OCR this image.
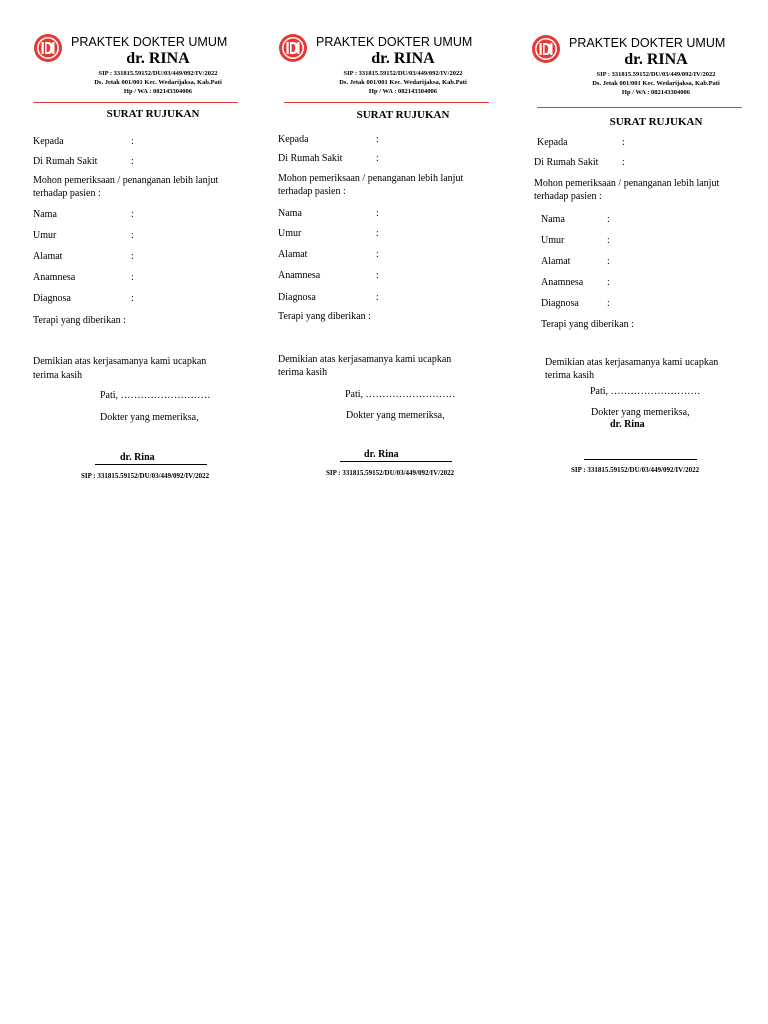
PRAKTEK DOKTER UMUM
dr. RINA
SIP : 331815.59152/DU/03/449/092/IV/2022
Ds. Jetak 001/001 Kec. Wedarijaksa, Kab.Pati
Hp / WA : 082143304006
SURAT RUJUKAN
Kepada	:
Di Rumah Sakit	:
Mohon pemeriksaan / penanganan lebih lanjut
terhadap pasien :
Nama	:
Umur	:
Alamat	:
Anamnesa	:
Diagnosa	:
Terapi yang diberikan :
Demikian atas kerjasamanya kami ucapkan
terima kasih
Pati, ………………………
Dokter yang memeriksa,
dr. Rina
SIP : 331815.59152/DU/03/449/092/IV/2022
PRAKTEK DOKTER UMUM
dr. RINA
SIP : 331815.59152/DU/03/449/092/IV/2022
Ds. Jetak 001/001 Kec. Wedarijaksa, Kab.Pati
Hp / WA : 082143304006
SURAT RUJUKAN
Kepada	:
Di Rumah Sakit	:
Mohon pemeriksaan / penanganan lebih lanjut
terhadap pasien :
Nama	:
Umur	:
Alamat	:
Anamnesa	:
Diagnosa	:
Terapi yang diberikan :
Demikian atas kerjasamanya kami ucapkan
terima kasih
Pati, ………………………
Dokter yang memeriksa,
dr. Rina
SIP : 331815.59152/DU/03/449/092/IV/2022
PRAKTEK DOKTER UMUM
dr. RINA
SIP : 331815.59152/DU/03/449/092/IV/2022
Ds. Jetak 001/001 Kec. Wedarijaksa, Kab.Pati
Hp / WA : 082143304006
SURAT RUJUKAN
Kepada	:
Di Rumah Sakit :
Mohon pemeriksaan / penanganan lebih lanjut
terhadap pasien :
Nama	:
Umur	:
Alamat	:
Anamnesa :
Diagnosa	:
Terapi yang diberikan :
Demikian atas kerjasamanya kami ucapkan
terima kasih
Pati, ………………………
Dokter yang memeriksa,
dr. Rina
SIP : 331815.59152/DU/03/449/092/IV/2022
